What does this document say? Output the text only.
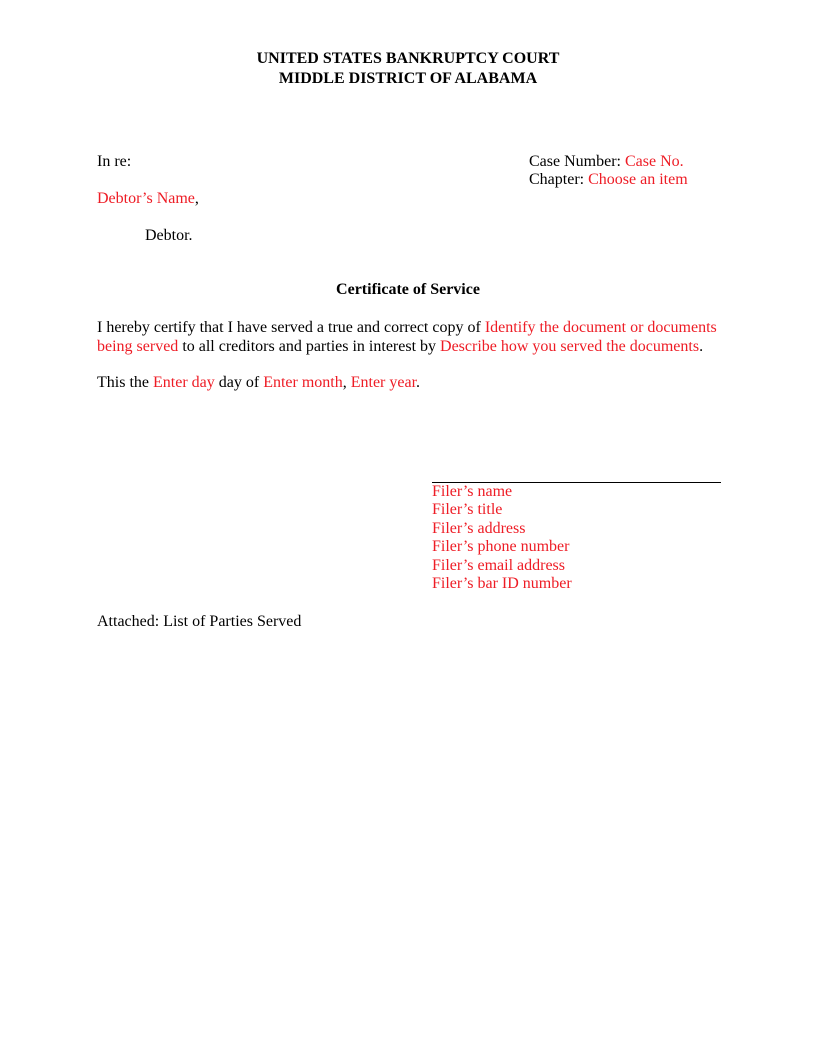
UNITED STATES BANKRUPTCY COURT
MIDDLE DISTRICT OF ALABAMA
In re:	Case Number: Case No.
Chapter: Choose an item
Debtor’s Name,
Debtor.
Certificate of Service
I hereby certify that I have served a true and correct copy of Identify the document or documents being served to all creditors and parties in interest by Describe how you served the documents.
This the Enter day day of Enter month, Enter year.
Filer’s name
Filer’s title
Filer’s address
Filer’s phone number
Filer’s email address
Filer’s bar ID number
Attached: List of Parties Served
